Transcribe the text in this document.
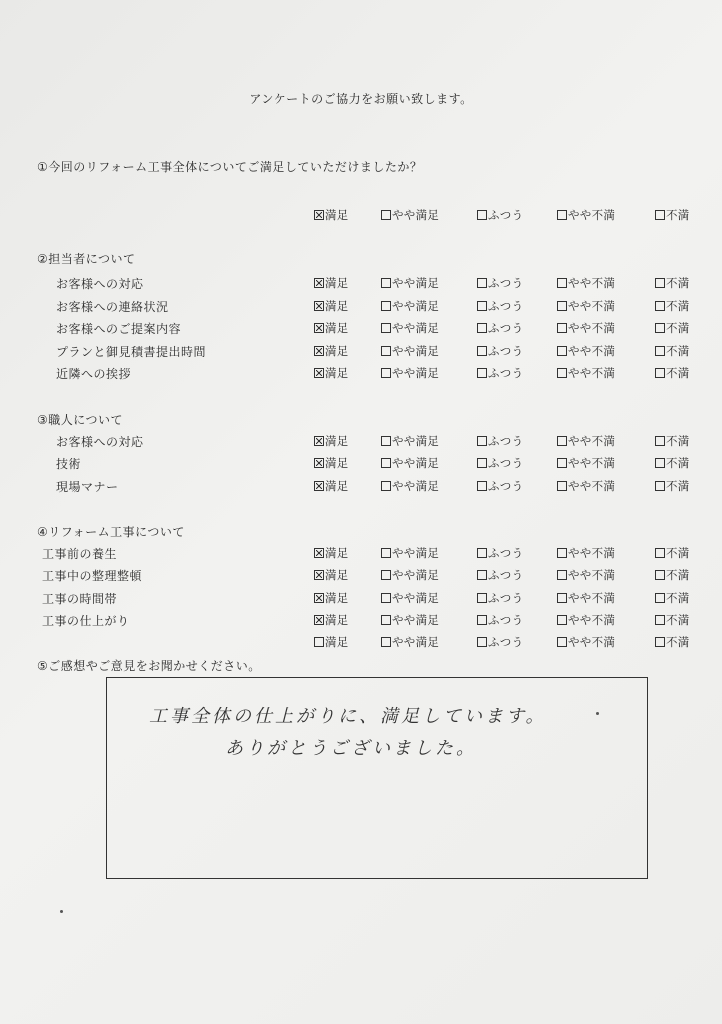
アンケートのご協力をお願い致します。
①今回のリフォーム工事全体についてご満足していただけましたか？
②担当者について
③職人について
④リフォーム工事について
⑤ご感想やご意見をお聞かせください。
満足	やや満足	ふつう	やや不満	不満
お客様への対応	満足	やや満足	ふつう	やや不満	不満
お客様への連絡状況	満足	やや満足	ふつう	やや不満	不満
お客様へのご提案内容	満足	やや満足	ふつう	やや不満	不満
プランと御見積書提出時間	満足	やや満足	ふつう	やや不満	不満
近隣への挨拶	満足	やや満足	ふつう	やや不満	不満
お客様への対応	満足	やや満足	ふつう	やや不満	不満
技術	満足	やや満足	ふつう	やや不満	不満
現場マナー	満足	やや満足	ふつう	やや不満	不満
工事前の養生	満足	やや満足	ふつう	やや不満	不満
工事中の整理整頓	満足	やや満足	ふつう	やや不満	不満
工事の時間帯	満足	やや満足	ふつう	やや不満	不満
工事の仕上がり	満足	やや満足	ふつう	やや不満	不満
満足	やや満足	ふつう	やや不満	不満
工事全体の仕上がりに、満足しています。
ありがとうございました。
